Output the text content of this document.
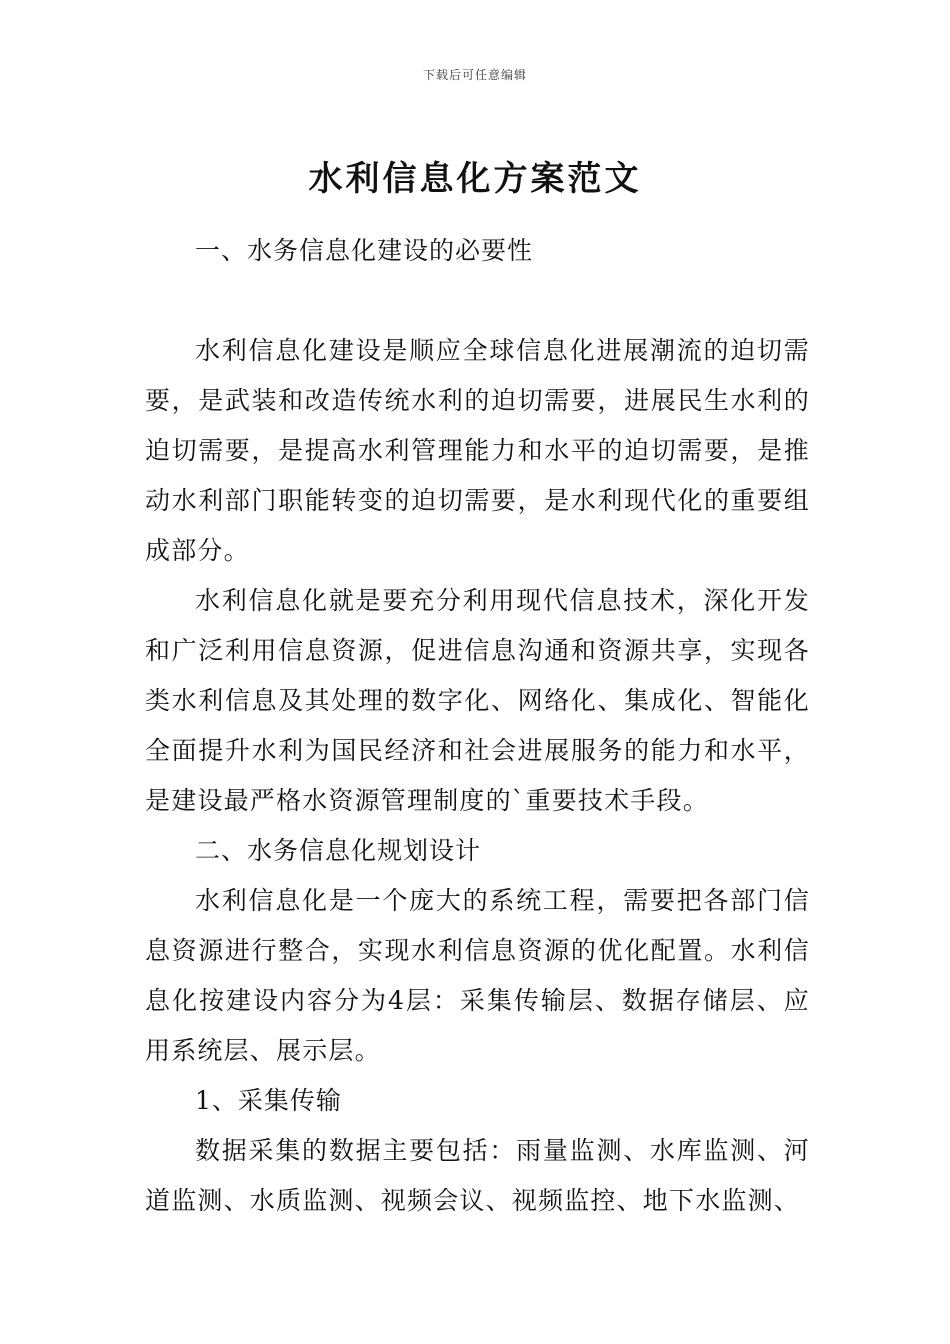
下载后可任意编辑
水利信息化方案范文
一、水务信息化建设的必要性

水利信息化建设是顺应全球信息化进展潮流的迫切需要，是武装和改造传统水利的迫切需要，进展民生水利的迫切需要，是提高水利管理能力和水平的迫切需要，是推动水利部门职能转变的迫切需要，是水利现代化的重要组成部分。

水利信息化就是要充分利用现代信息技术，深化开发和广泛利用信息资源，促进信息沟通和资源共享，实现各类水利信息及其处理的数字化、网络化、集成化、智能化全面提升水利为国民经济和社会进展服务的能力和水平，是建设最严格水资源管理制度的`重要技术手段。

二、水务信息化规划设计

水利信息化是一个庞大的系统工程，需要把各部门信息资源进行整合，实现水利信息资源的优化配置。水利信息化按建设内容分为4层：采集传输层、数据存储层、应用系统层、展示层。

1、采集传输

数据采集的数据主要包括：雨量监测、水库监测、河道监测、水质监测、视频会议、视频监控、地下水监测、
